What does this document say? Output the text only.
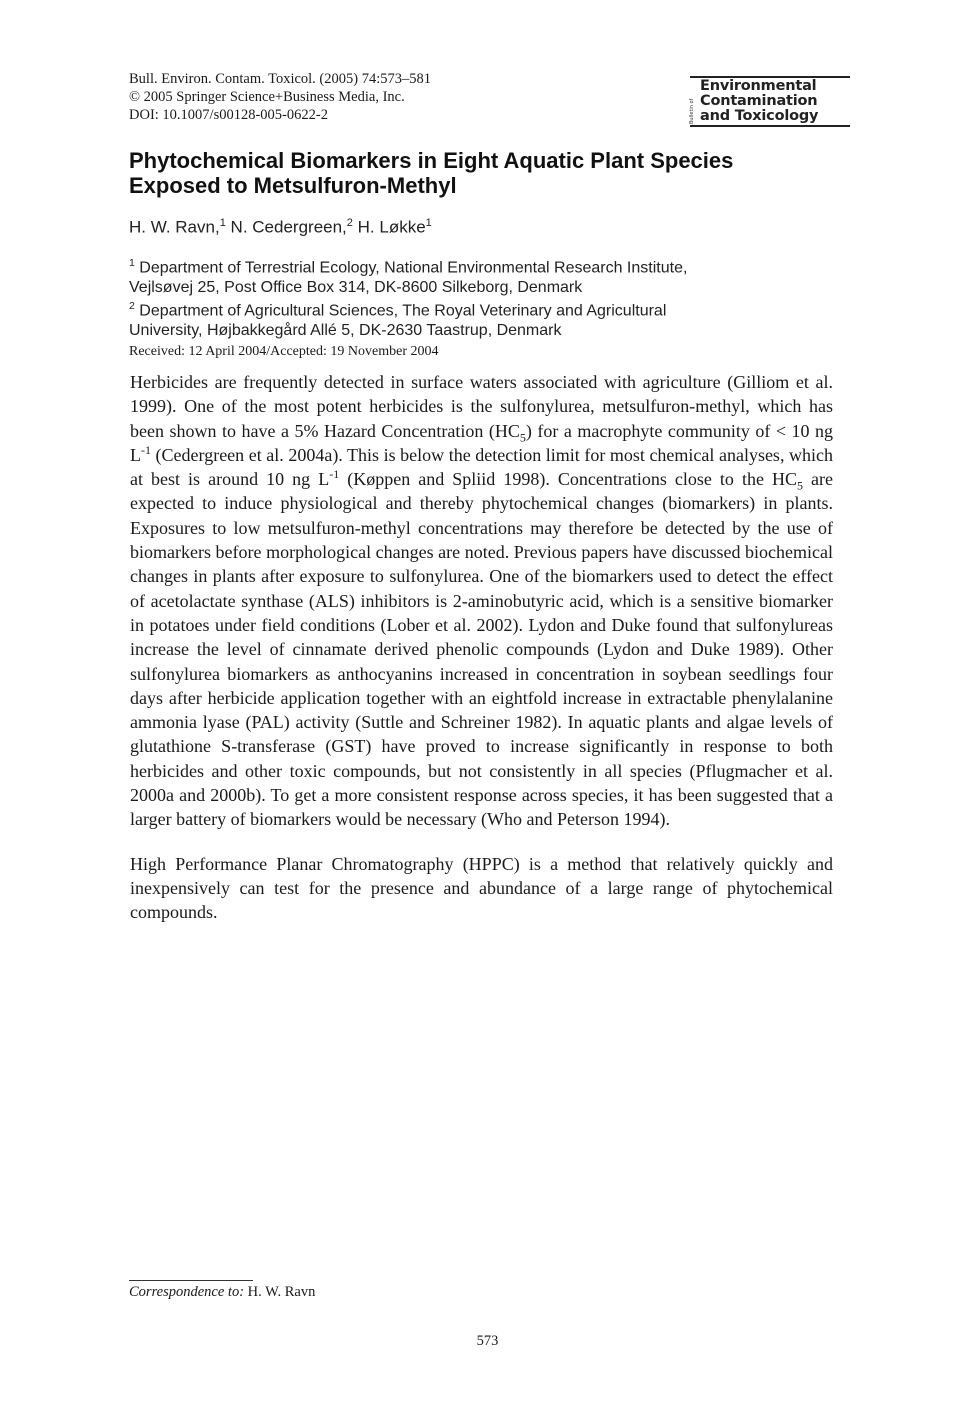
Bull. Environ. Contam. Toxicol. (2005) 74:573–581
© 2005 Springer Science+Business Media, Inc.
DOI: 10.1007/s00128-005-0622-2	Bulletin of
Environmental
Contamination
and Toxicology
Phytochemical Biomarkers in Eight Aquatic Plant Species
Exposed to Metsulfuron-Methyl
H. W. Ravn,$^1$ N. Cedergreen,$^2$ H. Løkke$^1$
$^1$ Department of Terrestrial Ecology, National Environmental Research Institute,
Vejlsøvej 25, Post Office Box 314, DK-8600 Silkeborg, Denmark
$^2$ Department of Agricultural Sciences, The Royal Veterinary and Agricultural
University, Højbakkegård Allé 5, DK-2630 Taastrup, Denmark
Received: 12 April 2004/Accepted: 19 November 2004

Herbicides are frequently detected in surface waters associated with agriculture (Gilliom et al. 1999). One of the most potent herbicides is the sulfonylurea, metsulfuron-methyl, which has been shown to have a 5% Hazard Concentration $(HC_5)$ for a macrophyte community of < 10 ng $L^{-1}$ (Cedergreen et al. 2004a). This is below the detection limit for most chemical analyses, which at best is around 10 ng $L^{-1}$ (Køppen and Spliid 1998). Concentrations close to the $HC_5$ are expected to induce physiological and thereby phytochemical changes (biomarkers) in plants. Exposures to low metsulfuron-methyl concentrations may therefore be detected by the use of biomarkers before morphological changes are noted. Previous papers have discussed biochemical changes in plants after exposure to sulfonylurea. One of the biomarkers used to detect the effect of acetolactate synthase (ALS) inhibitors is 2-aminobutyric acid, which is a sensitive biomarker in potatoes under field conditions (Lober et al. 2002). Lydon and Duke found that sulfonylureas increase the level of cinnamate derived phenolic compounds (Lydon and Duke 1989). Other sulfonylurea biomarkers as anthocyanins increased in concentration in soybean seedlings four days after herbicide application together with an eightfold increase in extractable phenylalanine ammonia lyase (PAL) activity (Suttle and Schreiner 1982). In aquatic plants and algae levels of glutathione S-transferase (GST) have proved to increase significantly in response to both herbicides and other toxic compounds, but not consistently in all species (Pflugmacher et al. 2000a and 2000b). To get a more consistent response across species, it has been suggested that a larger battery of biomarkers would be necessary (Who and Peterson 1994).

High Performance Planar Chromatography (HPPC) is a method that relatively quickly and inexpensively can test for the presence and abundance of a large range of phytochemical compounds.

Correspondence to: H. W. Ravn
573
